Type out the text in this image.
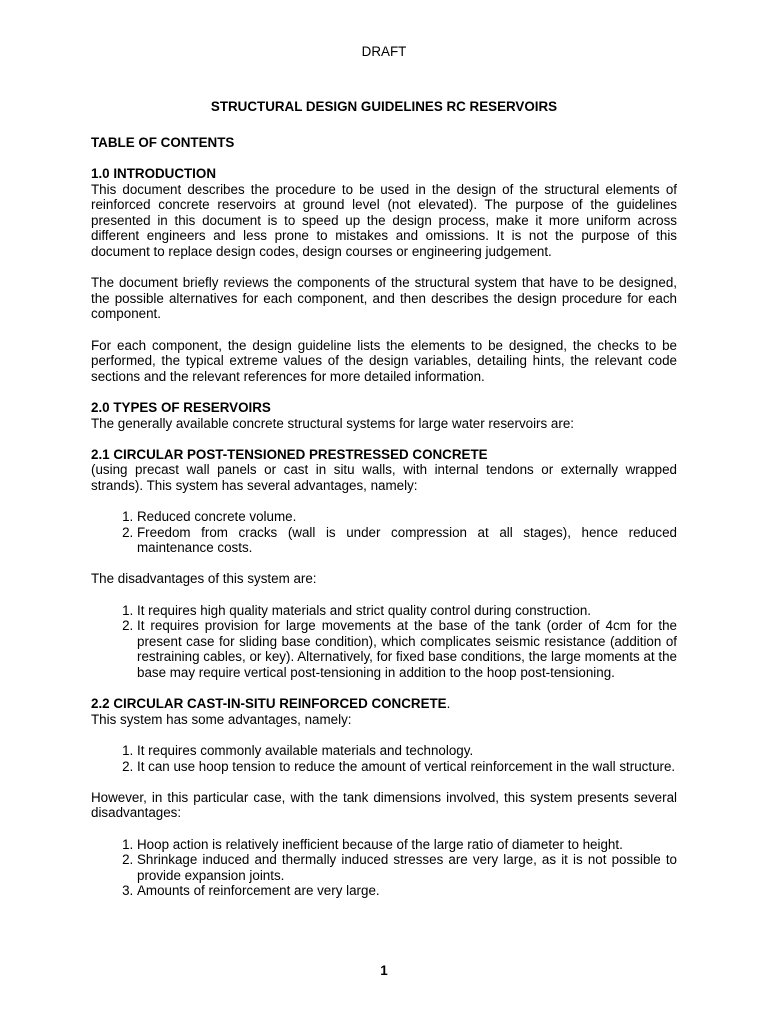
DRAFT
STRUCTURAL DESIGN GUIDELINES RC RESERVOIRS
TABLE OF CONTENTS
1.0 INTRODUCTION

This document describes the procedure to be used in the design of the structural elements of reinforced concrete reservoirs at ground level (not elevated). The purpose of the guidelines presented in this document is to speed up the design process, make it more uniform across different engineers and less prone to mistakes and omissions. It is not the purpose of this document to replace design codes, design courses or engineering judgement.

The document briefly reviews the components of the structural system that have to be designed, the possible alternatives for each component, and then describes the design procedure for each component.

For each component, the design guideline lists the elements to be designed, the checks to be performed, the typical extreme values of the design variables, detailing hints, the relevant code sections and the relevant references for more detailed information.

2.0 TYPES OF RESERVOIRS

The generally available concrete structural systems for large water reservoirs are:

2.1 CIRCULAR POST-TENSIONED PRESTRESSED CONCRETE

(using precast wall panels or cast in situ walls, with internal tendons or externally wrapped strands). This system has several advantages, namely:

1. Reduced concrete volume.
2. Freedom from cracks (wall is under compression at all stages), hence reduced maintenance costs.

The disadvantages of this system are:

1. It requires high quality materials and strict quality control during construction.
2. It requires provision for large movements at the base of the tank (order of 4cm for the present case for sliding base condition), which complicates seismic resistance (addition of restraining cables, or key). Alternatively, for fixed base conditions, the large moments at the base may require vertical post-tensioning in addition to the hoop post-tensioning.
2.2 CIRCULAR CAST-IN-SITU REINFORCED CONCRETE.

This system has some advantages, namely:

1. It requires commonly available materials and technology.
2. It can use hoop tension to reduce the amount of vertical reinforcement in the wall structure.

However, in this particular case, with the tank dimensions involved, this system presents several disadvantages:

1. Hoop action is relatively inefficient because of the large ratio of diameter to height.
2. Shrinkage induced and thermally induced stresses are very large, as it is not possible to provide expansion joints.
3. Amounts of reinforcement are very large.
1
